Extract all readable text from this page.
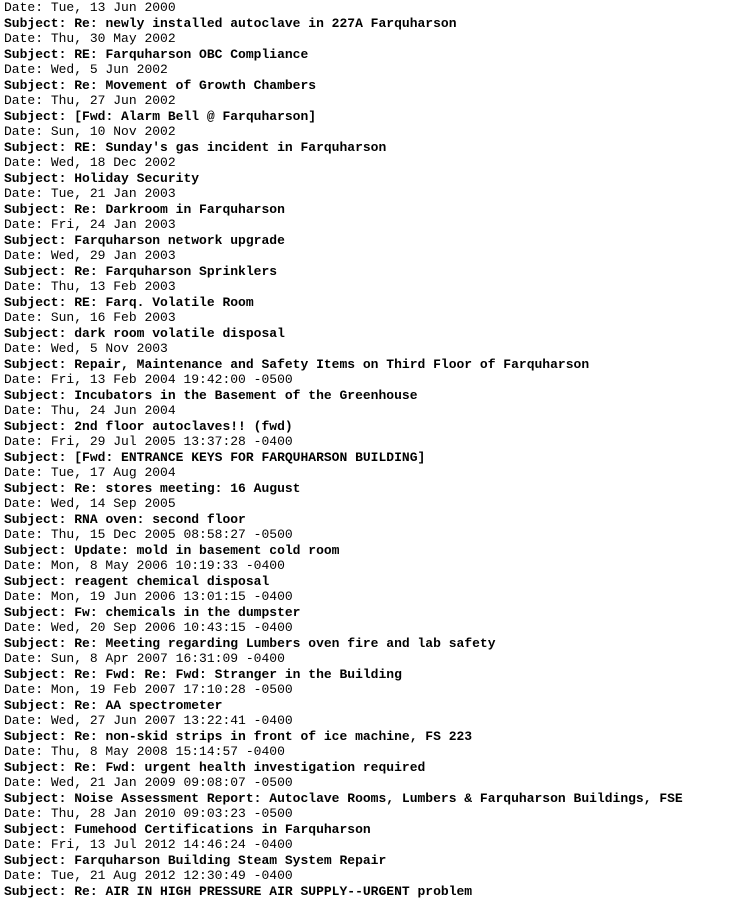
Date: Tue, 13 Jun 2000
Subject: Re: newly installed autoclave in 227A Farquharson
Date: Thu, 30 May 2002
Subject: RE: Farquharson OBC Compliance
Date: Wed, 5 Jun 2002
Subject: Re: Movement of Growth Chambers
Date: Thu, 27 Jun 2002
Subject: [Fwd: Alarm Bell @ Farquharson]
Date: Sun, 10 Nov 2002
Subject: RE: Sunday's gas incident in Farquharson
Date: Wed, 18 Dec 2002
Subject: Holiday Security
Date: Tue, 21 Jan 2003
Subject: Re: Darkroom in Farquharson
Date: Fri, 24 Jan 2003
Subject: Farquharson network upgrade
Date: Wed, 29 Jan 2003
Subject: Re: Farquharson Sprinklers
Date: Thu, 13 Feb 2003
Subject: RE: Farq. Volatile Room
Date: Sun, 16 Feb 2003
Subject: dark room volatile disposal
Date: Wed, 5 Nov 2003
Subject: Repair, Maintenance and Safety Items on Third Floor of Farquharson
Date: Fri, 13 Feb 2004 19:42:00 -0500
Subject: Incubators in the Basement of the Greenhouse
Date: Thu, 24 Jun 2004
Subject: 2nd floor autoclaves!! (fwd)
Date: Fri, 29 Jul 2005 13:37:28 -0400
Subject: [Fwd: ENTRANCE KEYS FOR FARQUHARSON BUILDING]
Date: Tue, 17 Aug 2004
Subject: Re: stores meeting: 16 August
Date: Wed, 14 Sep 2005
Subject: RNA oven: second floor
Date: Thu, 15 Dec 2005 08:58:27 -0500
Subject: Update: mold in basement cold room
Date: Mon, 8 May 2006 10:19:33 -0400
Subject: reagent chemical disposal
Date: Mon, 19 Jun 2006 13:01:15 -0400
Subject: Fw: chemicals in the dumpster
Date: Wed, 20 Sep 2006 10:43:15 -0400
Subject: Re: Meeting regarding Lumbers oven fire and lab safety
Date: Sun, 8 Apr 2007 16:31:09 -0400
Subject: Re: Fwd: Re: Fwd: Stranger in the Building
Date: Mon, 19 Feb 2007 17:10:28 -0500
Subject: Re: AA spectrometer
Date: Wed, 27 Jun 2007 13:22:41 -0400
Subject: Re: non-skid strips in front of ice machine, FS 223
Date: Thu, 8 May 2008 15:14:57 -0400
Subject: Re: Fwd: urgent health investigation required
Date: Wed, 21 Jan 2009 09:08:07 -0500
Subject: Noise Assessment Report: Autoclave Rooms, Lumbers & Farquharson Buildings, FSE
Date: Thu, 28 Jan 2010 09:03:23 -0500
Subject: Fumehood Certifications in Farquharson
Date: Fri, 13 Jul 2012 14:46:24 -0400
Subject: Farquharson Building Steam System Repair
Date: Tue, 21 Aug 2012 12:30:49 -0400
Subject: Re: AIR IN HIGH PRESSURE AIR SUPPLY--URGENT problem
